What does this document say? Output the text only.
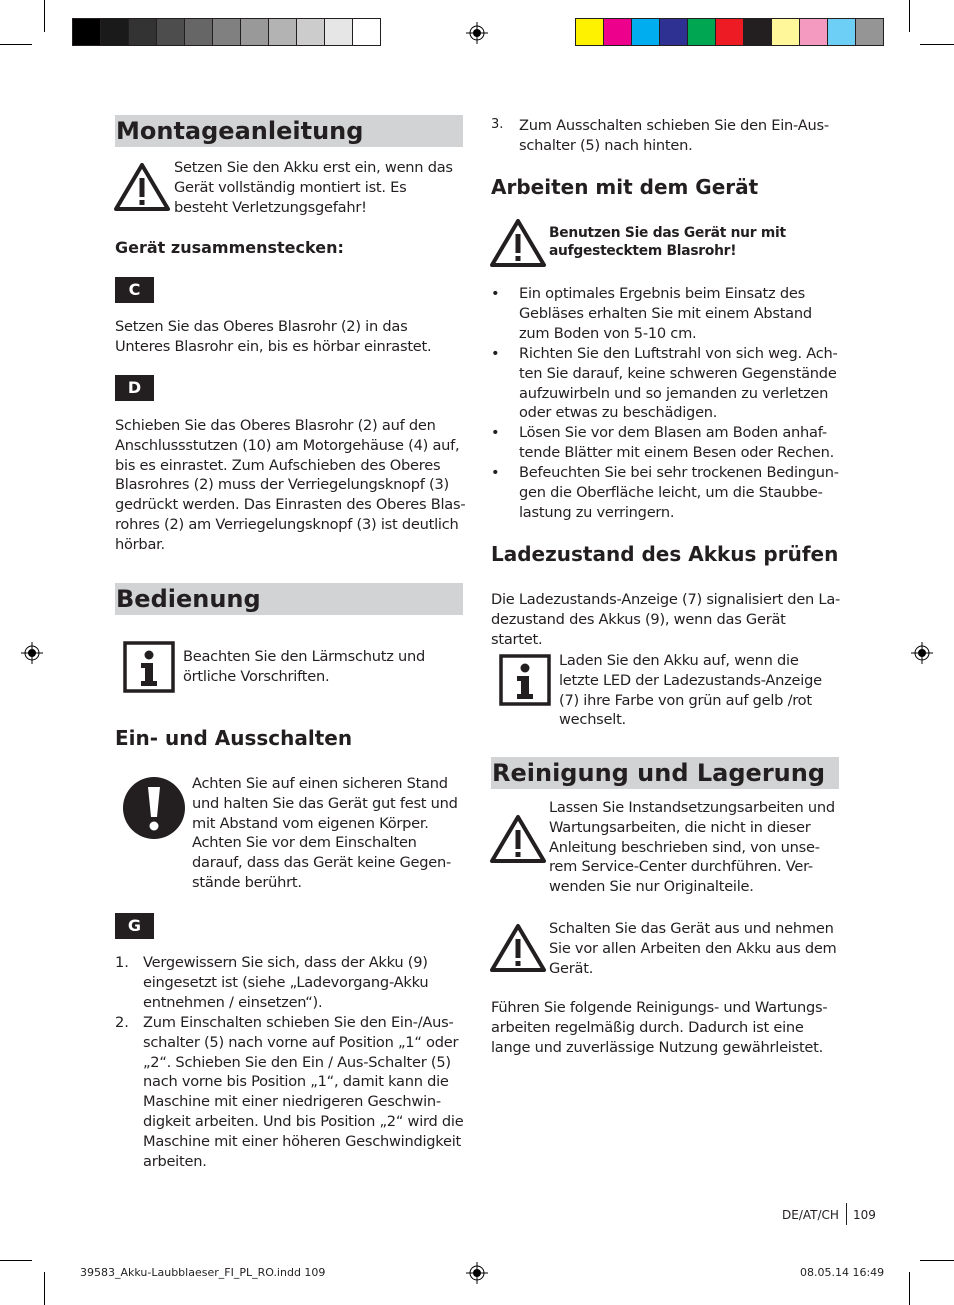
Montageanleitung
Setzen Sie den Akku erst ein, wenn das Gerät vollständig montiert ist. Es besteht Verletzungsgefahr!
Gerät zusammenstecken:
C
Setzen Sie das Oberes Blasrohr (2) in das Unteres Blasrohr ein, bis es hörbar einrastet.
D
Schieben Sie das Oberes Blasrohr (2) auf den Anschlussstutzen (10) am Motorgehäuse (4) auf, bis es einrastet. Zum Aufschieben des Oberes Blasrohres (2) muss der Verriegelungsknopf (3) gedrückt werden. Das Einrasten des Oberes Blas-rohres (2) am Verriegelungsknopf (3) ist deutlich hörbar.
Bedienung
Beachten Sie den Lärmschutz und örtliche Vorschriften.
Ein- und Ausschalten
Achten Sie auf einen sicheren Stand und halten Sie das Gerät gut fest und mit Abstand vom eigenen Körper. Achten Sie vor dem Einschalten darauf, dass das Gerät keine Gegen-stände berührt.
G
1. Vergewissern Sie sich, dass der Akku (9) eingesetzt ist (siehe „Ladevorgang-Akku entnehmen / einsetzen“).
2. Zum Einschalten schieben Sie den Ein-/Aus-schalter (5) nach vorne auf Position „1“ oder „2“. Schieben Sie den Ein / Aus-Schalter (5) nach vorne bis Position „1“, damit kann die Maschine mit einer niedrigeren Geschwin-digkeit arbeiten. Und bis Position „2“ wird die Maschine mit einer höheren Geschwindigkeit arbeiten.
3. Zum Ausschalten schieben Sie den Ein-Aus-schalter (5) nach hinten.
Arbeiten mit dem Gerät
Benutzen Sie das Gerät nur mit aufgestecktem Blasrohr!
• Ein optimales Ergebnis beim Einsatz des Gebläses erhalten Sie mit einem Abstand zum Boden von 5-10 cm.
• Richten Sie den Luftstrahl von sich weg. Ach-ten Sie darauf, keine schweren Gegenstände aufzuwirbeln und so jemanden zu verletzen oder etwas zu beschädigen.
• Lösen Sie vor dem Blasen am Boden anhaf-tende Blätter mit einem Besen oder Rechen.
• Befeuchten Sie bei sehr trockenen Bedingun-gen die Oberfläche leicht, um die Staubbe-lastung zu verringern.
Ladezustand des Akkus prüfen
Die Ladezustands-Anzeige (7) signalisiert den La-dezustand des Akkus (9), wenn das Gerät startet.
Laden Sie den Akku auf, wenn die letzte LED der Ladezustands-Anzeige (7) ihre Farbe von grün auf gelb /rot wechselt.
Reinigung und Lagerung
Lassen Sie Instandsetzungsarbeiten und Wartungsarbeiten, die nicht in dieser Anleitung beschrieben sind, von unse-rem Service-Center durchführen. Ver-wenden Sie nur Originalteile.
Schalten Sie das Gerät aus und nehmen Sie vor allen Arbeiten den Akku aus dem Gerät.
Führen Sie folgende Reinigungs- und Wartungs-arbeiten regelmäßig durch. Dadurch ist eine lange und zuverlässige Nutzung gewährleistet.
DE/AT/CH 109
39583_Akku-Laubblaeser_FI_PL_RO.indd 109	08.05.14 16:49
